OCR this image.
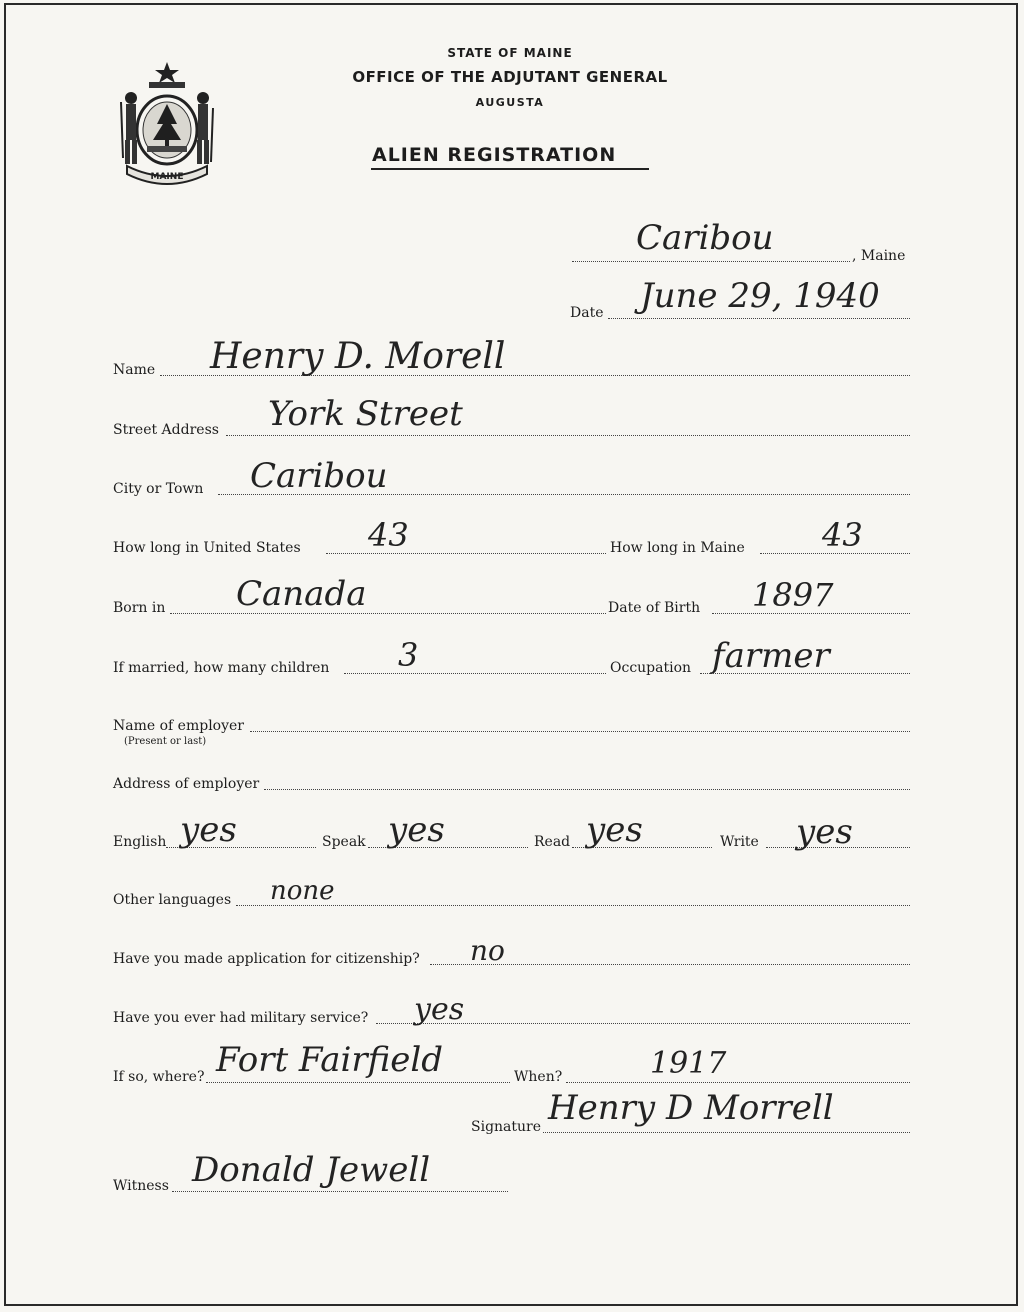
MAINE
STATE OF MAINE
OFFICE OF THE ADJUTANT GENERAL
AUGUSTA
ALIEN REGISTRATION
Caribou	, Maine
Date June 29, 1940
Name Henry D. Morell
Street Address York Street
City or Town Caribou
How long in United States 43	How long in Maine 43
Born in Canada	Date of Birth 1897
If married, how many children 3	Occupation farmer
Name of employer
(Present or last)
Address of employer
English yes	Speak yes	Read yes	Write yes
Other languages none
Have you made application for citizenship? no
Have you ever had military service? yes
If so, where? Fort Fairfield	When?	1917
Signature Henry D Morrell
Witness Donald Jewell
